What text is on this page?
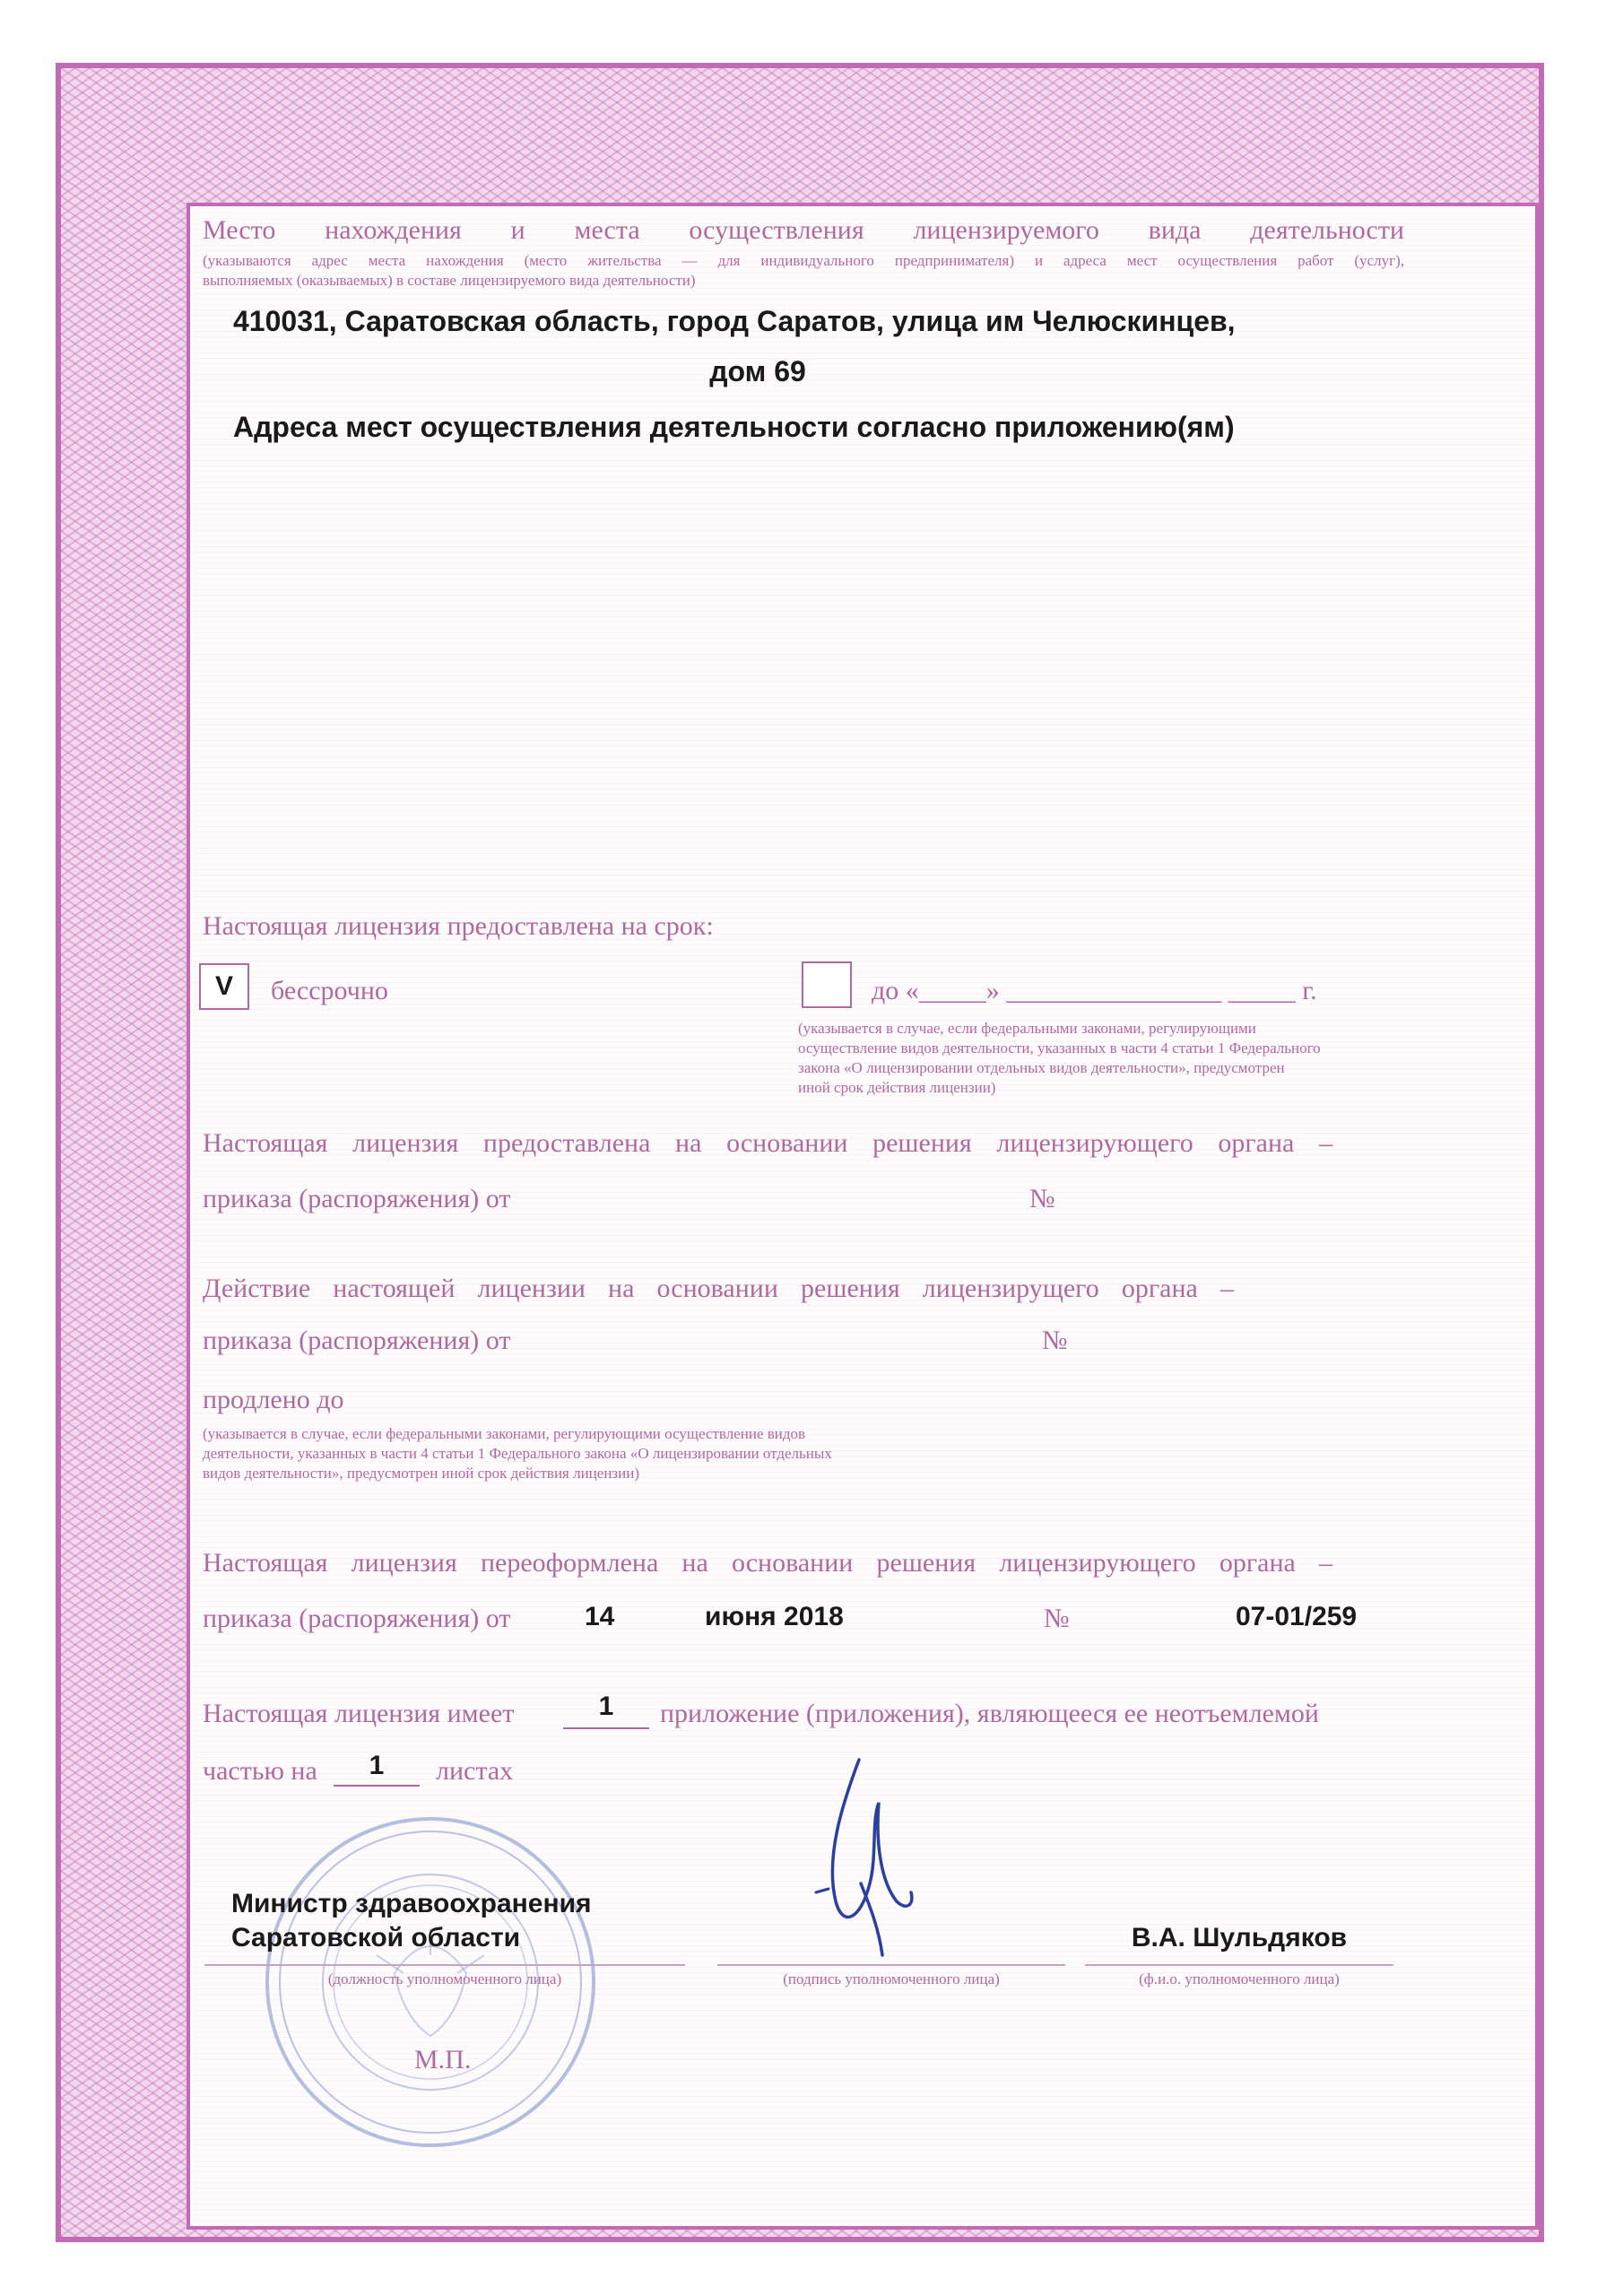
Место нахождения и места осуществления лицензируемого вида деятельности
(указываются адрес места нахождения (место жительства — для индивидуального предпринимателя) и адреса мест осуществления работ (услуг),
выполняемых (оказываемых) в составе лицензируемого вида деятельности)
410031, Саратовская область, город Саратов, улица им Челюскинцев,
дом 69
Адреса мест осуществления деятельности согласно приложению(ям)
Настоящая лицензия предоставлена на срок:
V	бессрочно	до «_____» ________________ _____ г.
(указывается в случае, если федеральными законами, регулирующими
осуществление видов деятельности, указанных в части 4 статьи 1 Федерального
закона «О лицензировании отдельных видов деятельности», предусмотрен
иной срок действия лицензии)
Настоящая лицензия предоставлена на основании решения лицензирующего органа –
приказа (распоряжения) от	№
Действие настоящей лицензии на основании решения лицензирущего органа –
приказа (распоряжения) от	№
продлено до
(указывается в случае, если федеральными законами, регулирующими осуществление видов
деятельности, указанных в части 4 статьи 1 Федерального закона «О лицензировании отдельных
видов деятельности», предусмотрен иной срок действия лицензии)
Настоящая лицензия переоформлена на основании решения лицензирующего органа –
приказа (распоряжения) от	14	июня 2018	№	07-01/259
Настоящая лицензия имеет	1	приложение (приложения), являющееся ее неотъемлемой
частью на	1	листах
Министр здравоохранения
Саратовской области
(должность уполномоченного лица)	(подпись уполномоченного лица)
В.А. Шульдяков
(ф.и.о. уполномоченного лица)
М.П.
